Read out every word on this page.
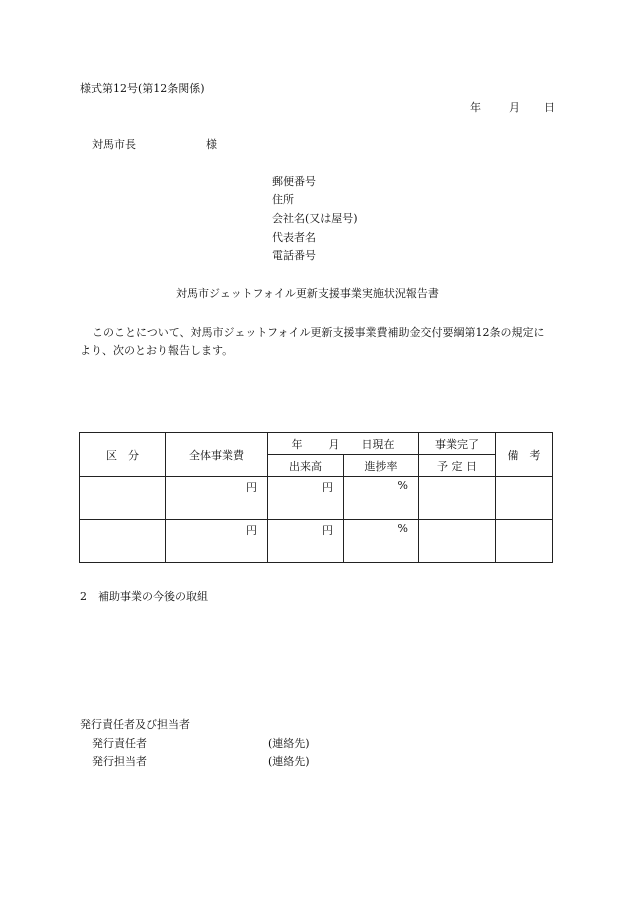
様式第12号(第12条関係)
年	月 日
対馬市長	様
郵便番号
住所
会社名(又は屋号)
代表者名
電話番号
対馬市ジェットフォイル更新支援事業実施状況報告書
このことについて、対馬市ジェットフォイル更新支援事業費補助金交付要綱第12条の規定により、次のとおり報告します。
区　分	全体事業費	年 月 日現在		事業完了	備　考
		出来高	進捗率	予 定 日	
	円	円	%		
	円	円	%		
2　補助事業の今後の取組
発行責任者及び担当者
発行責任者	(連絡先)
発行担当者	(連絡先)
